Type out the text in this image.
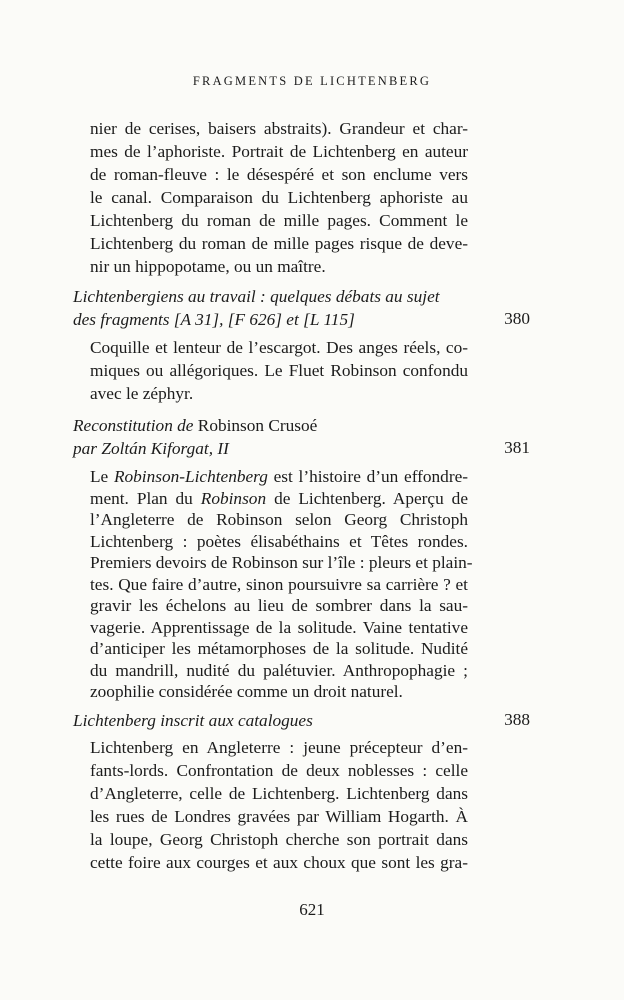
FRAGMENTS DE LICHTENBERG
nier de cerises, baisers abstraits). Grandeur et char-
mes de l’aphoriste. Portrait de Lichtenberg en auteur
de roman-fleuve : le désespéré et son enclume vers
le canal. Comparaison du Lichtenberg aphoriste au
Lichtenberg du roman de mille pages. Comment le
Lichtenberg du roman de mille pages risque de deve-
nir un hippopotame, ou un maître.
Lichtenbergiens au travail : quelques débats au sujet
des fragments [A 31], [F 626] et [L 115]	380
Coquille et lenteur de l’escargot. Des anges réels, co-
miques ou allégoriques. Le Fluet Robinson confondu
avec le zéphyr.
Reconstitution de Robinson Crusoé
par Zoltán Kiforgat, II	381
Le Robinson-Lichtenberg est l’histoire d’un effondre-
ment. Plan du Robinson de Lichtenberg. Aperçu de
l’Angleterre de Robinson selon Georg Christoph
Lichtenberg : poètes élisabéthains et Têtes rondes.
Premiers devoirs de Robinson sur l’île : pleurs et plain-
tes. Que faire d’autre, sinon poursuivre sa carrière ? et
gravir les échelons au lieu de sombrer dans la sau-
vagerie. Apprentissage de la solitude. Vaine tentative
d’anticiper les métamorphoses de la solitude. Nudité
du mandrill, nudité du palétuvier. Anthropophagie ;
zoophilie considérée comme un droit naturel.
Lichtenberg inscrit aux catalogues	388
Lichtenberg en Angleterre : jeune précepteur d’en-
fants-lords. Confrontation de deux noblesses : celle
d’Angleterre, celle de Lichtenberg. Lichtenberg dans
les rues de Londres gravées par William Hogarth. À
la loupe, Georg Christoph cherche son portrait dans
cette foire aux courges et aux choux que sont les gra-
621
